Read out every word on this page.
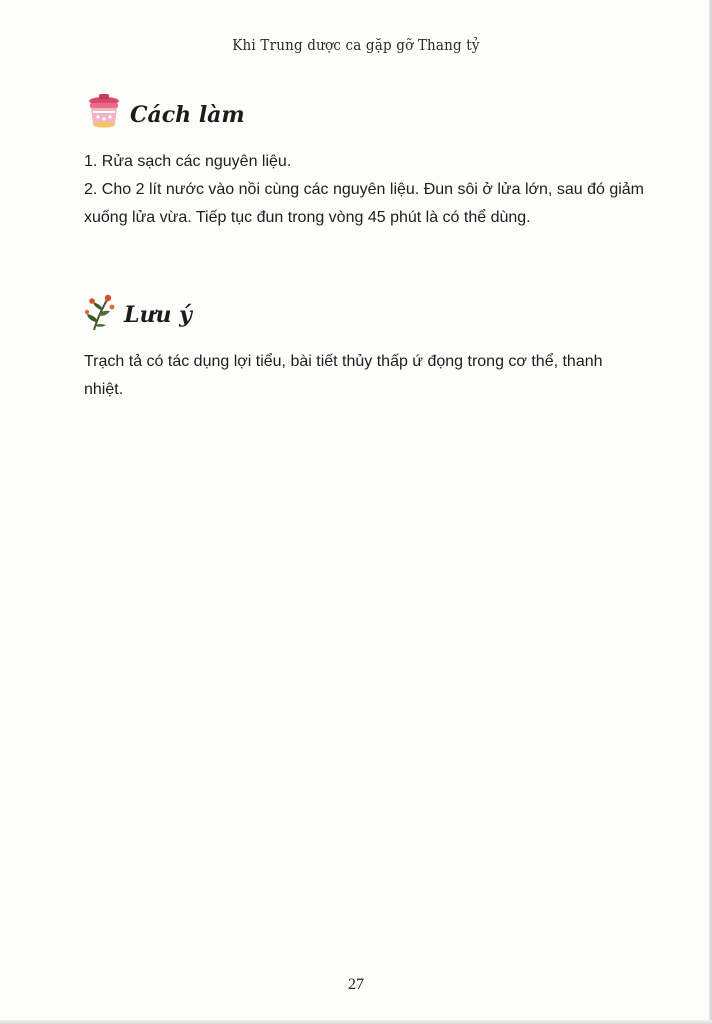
Khi Trung dược ca gặp gỡ Thang tỷ
Cách làm

1. Rửa sạch các nguyên liệu.

2. Cho 2 lít nước vào nồi cùng các nguyên liệu. Đun sôi ở lửa lớn, sau đó giảm xuống lửa vừa. Tiếp tục đun trong vòng 45 phút là có thể dùng.

Lưu ý

Trạch tả có tác dụng lợi tiểu, bài tiết thủy thấp ứ đọng trong cơ thể, thanh nhiệt.

27
